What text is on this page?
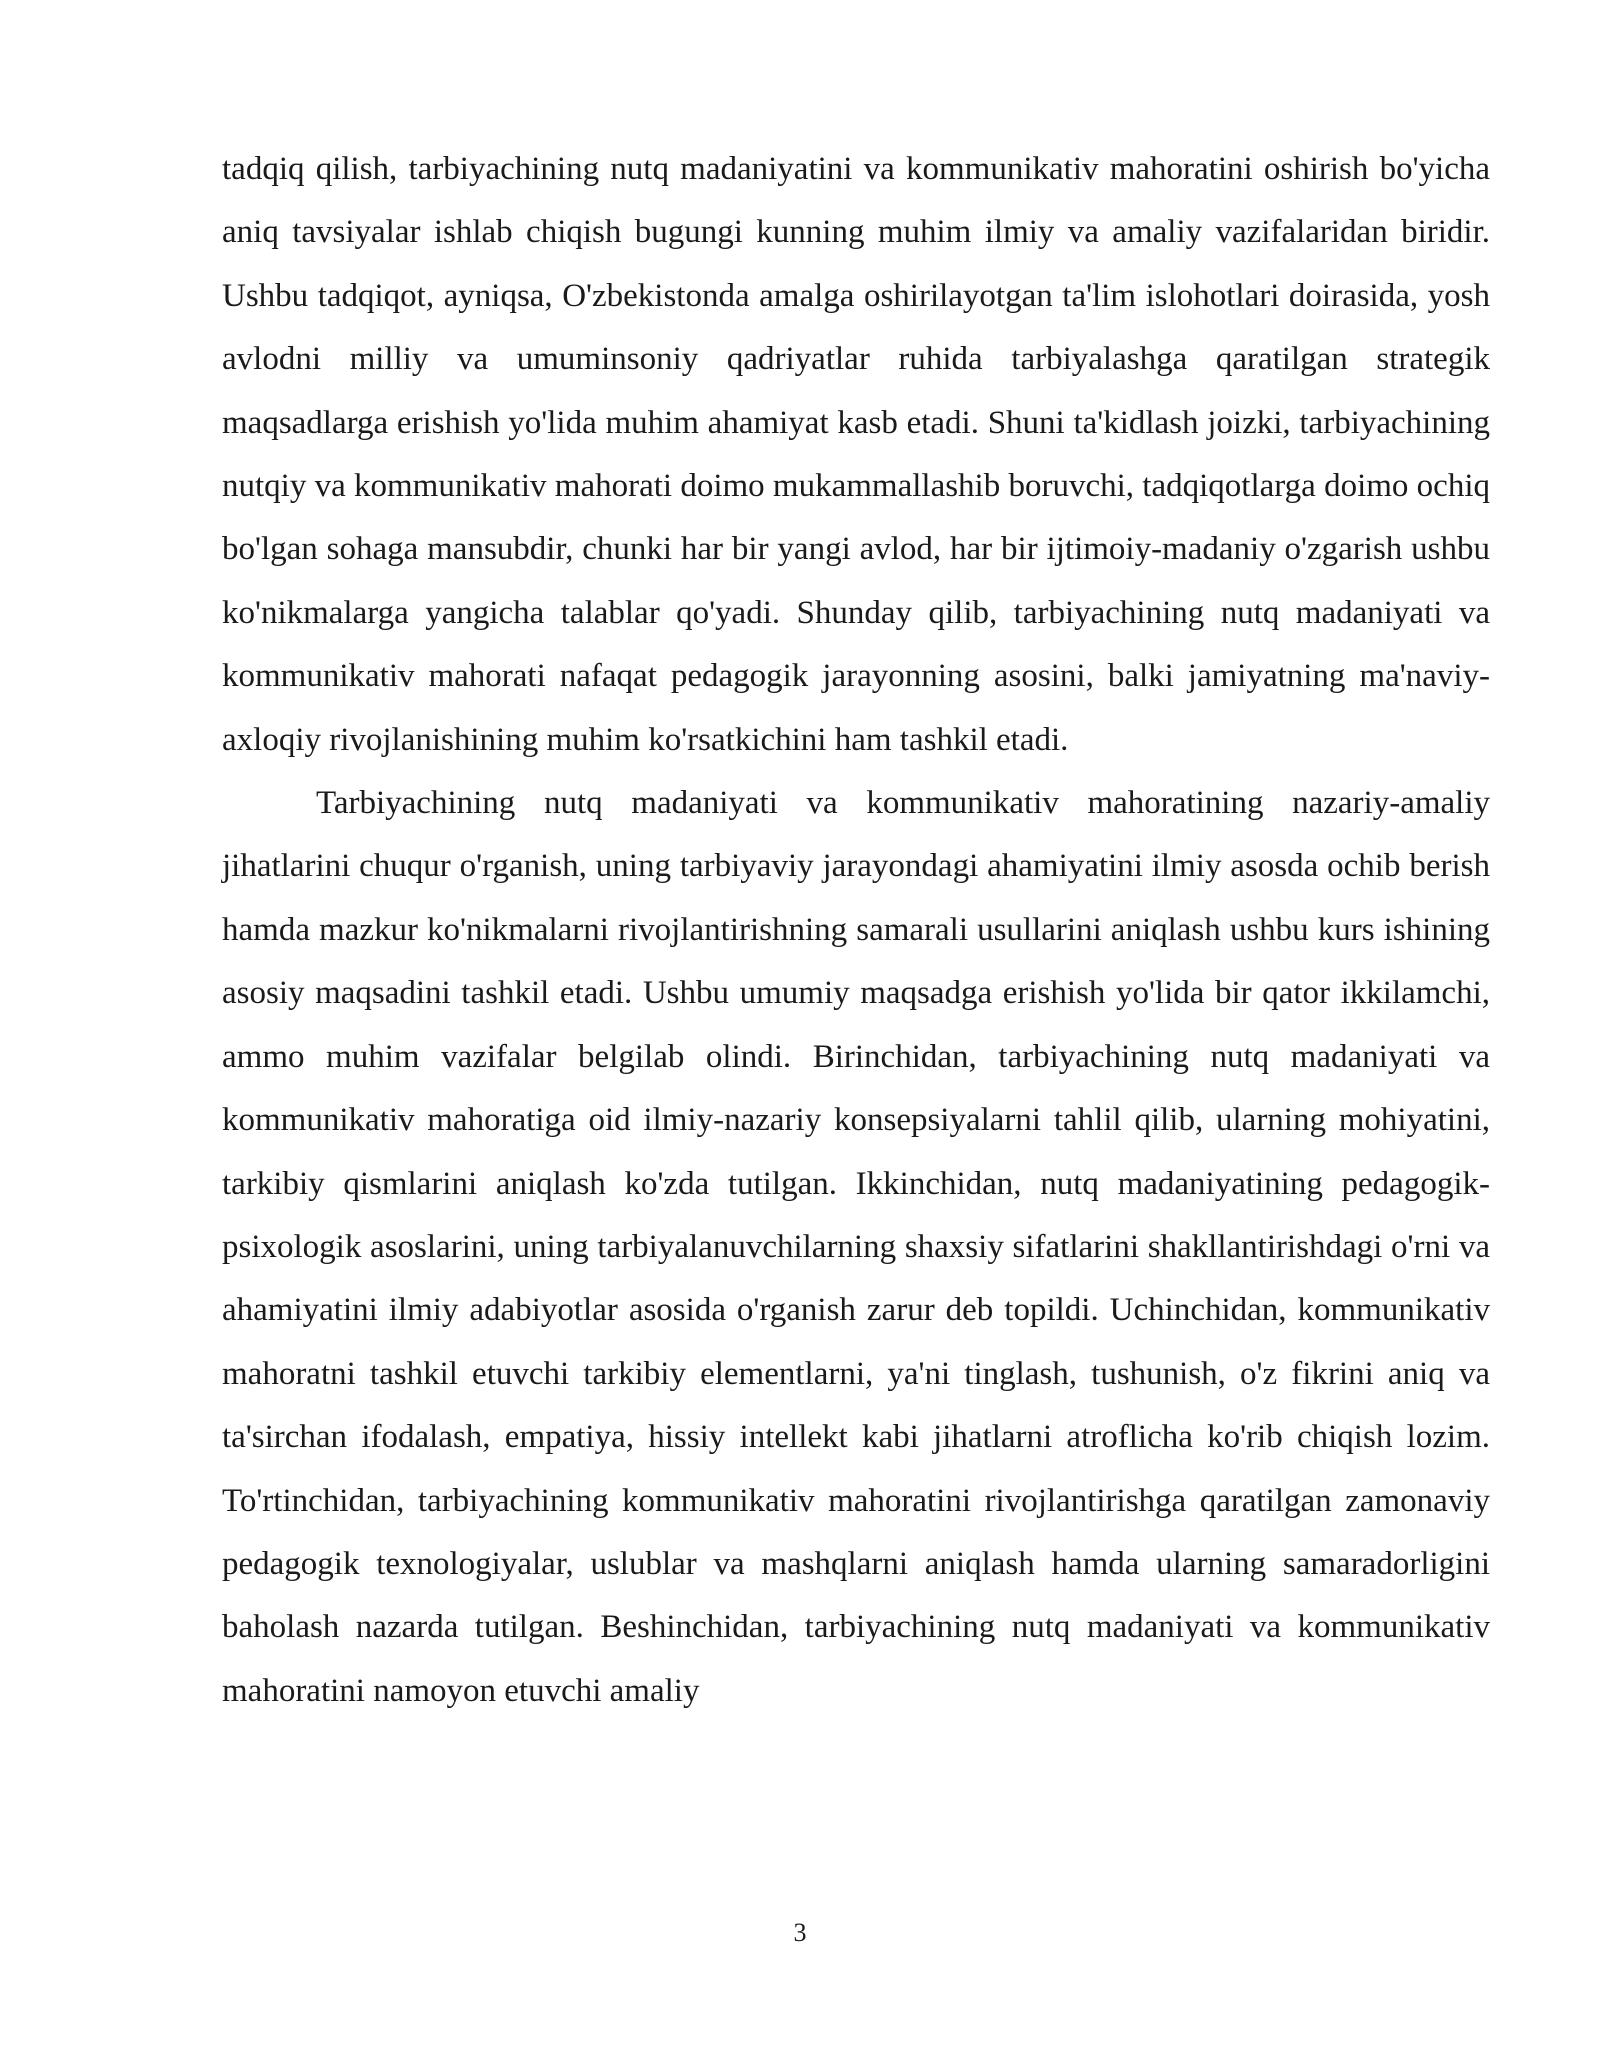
tadqiq qilish, tarbiyachining nutq madaniyatini va kommunikativ mahoratini oshirish bo'yicha aniq tavsiyalar ishlab chiqish bugungi kunning muhim ilmiy va amaliy vazifalaridan biridir. Ushbu tadqiqot, ayniqsa, O'zbekistonda amalga oshirilayotgan ta'lim islohotlari doirasida, yosh avlodni milliy va umuminsoniy qadriyatlar ruhida tarbiyalashga qaratilgan strategik maqsadlarga erishish yo'lida muhim ahamiyat kasb etadi. Shuni ta'kidlash joizki, tarbiyachining nutqiy va kommunikativ mahorati doimo mukammallashib boruvchi, tadqiqotlarga doimo ochiq bo'lgan sohaga mansubdir, chunki har bir yangi avlod, har bir ijtimoiy-madaniy o'zgarish ushbu ko'nikmalarga yangicha talablar qo'yadi. Shunday qilib, tarbiyachining nutq madaniyati va kommunikativ mahorati nafaqat pedagogik jarayonning asosini, balki jamiyatning ma'naviy-axloqiy rivojlanishining muhim ko'rsatkichini ham tashkil etadi.

Tarbiyachining nutq madaniyati va kommunikativ mahoratining nazariy-amaliy jihatlarini chuqur o'rganish, uning tarbiyaviy jarayondagi ahamiyatini ilmiy asosda ochib berish hamda mazkur ko'nikmalarni rivojlantirishning samarali usullarini aniqlash ushbu kurs ishining asosiy maqsadini tashkil etadi. Ushbu umumiy maqsadga erishish yo'lida bir qator ikkilamchi, ammo muhim vazifalar belgilab olindi. Birinchidan, tarbiyachining nutq madaniyati va kommunikativ mahoratiga oid ilmiy-nazariy konsepsiyalarni tahlil qilib, ularning mohiyatini, tarkibiy qismlarini aniqlash ko'zda tutilgan. Ikkinchidan, nutq madaniyatining pedagogik-psixologik asoslarini, uning tarbiyalanuvchilarning shaxsiy sifatlarini shakllantirishdagi o'rni va ahamiyatini ilmiy adabiyotlar asosida o'rganish zarur deb topildi. Uchinchidan, kommunikativ mahoratni tashkil etuvchi tarkibiy elementlarni, ya'ni tinglash, tushunish, o'z fikrini aniq va ta'sirchan ifodalash, empatiya, hissiy intellekt kabi jihatlarni atroflicha ko'rib chiqish lozim. To'rtinchidan, tarbiyachining kommunikativ mahoratini rivojlantirishga qaratilgan zamonaviy pedagogik texnologiyalar, uslublar va mashqlarni aniqlash hamda ularning samaradorligini baholash nazarda tutilgan. Beshinchidan, tarbiyachining nutq madaniyati va kommunikativ mahoratini namoyon etuvchi amaliy

3
